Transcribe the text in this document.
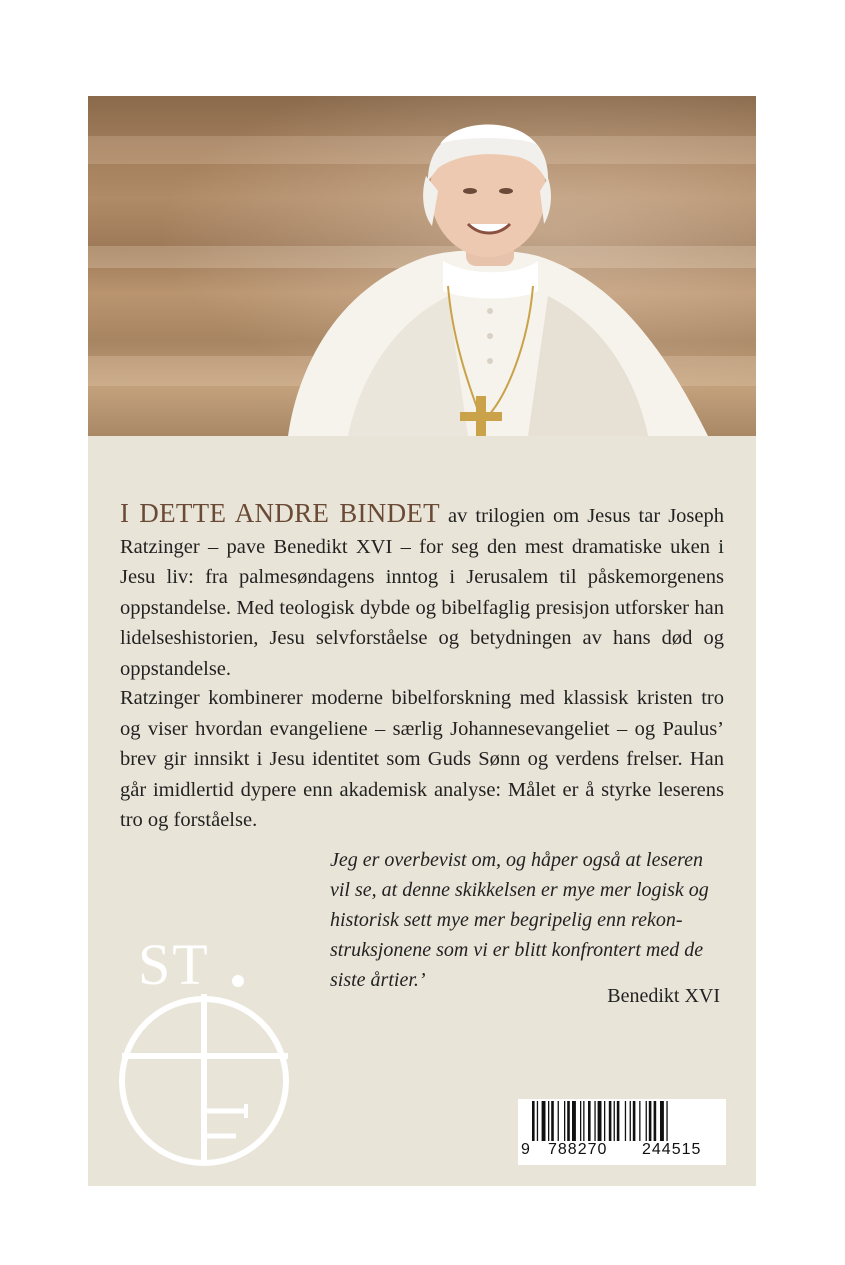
I DETTE ANDRE BINDET av trilogien om Jesus tar Joseph Ratzinger – pave Benedikt XVI – for seg den mest dramatiske uken i Jesu liv: fra palmesøndagens inntog i Jerusalem til påskemorgenens oppstandelse. Med teologisk dybde og bibelfaglig presisjon utforsker han lidelseshistorien, Jesu selvforståelse og betydningen av hans død og oppstandelse.
Ratzinger kombinerer moderne bibelforskning med klassisk kristen tro og viser hvordan evangeliene – særlig Johannesevangeliet – og Paulus’ brev gir innsikt i Jesu identitet som Guds Sønn og verdens frelser. Han går imidlertid dypere enn akademisk analyse: Målet er å styrke leserens tro og forståelse.
Jeg er overbevist om, og håper også at leseren vil se, at denne skikkelsen er mye mer logisk og historisk sett mye mer begripelig enn rekonstruksjonene som vi er blitt konfrontert med de siste årtier.’
Benedikt XVI
ST
9 788270 244515
